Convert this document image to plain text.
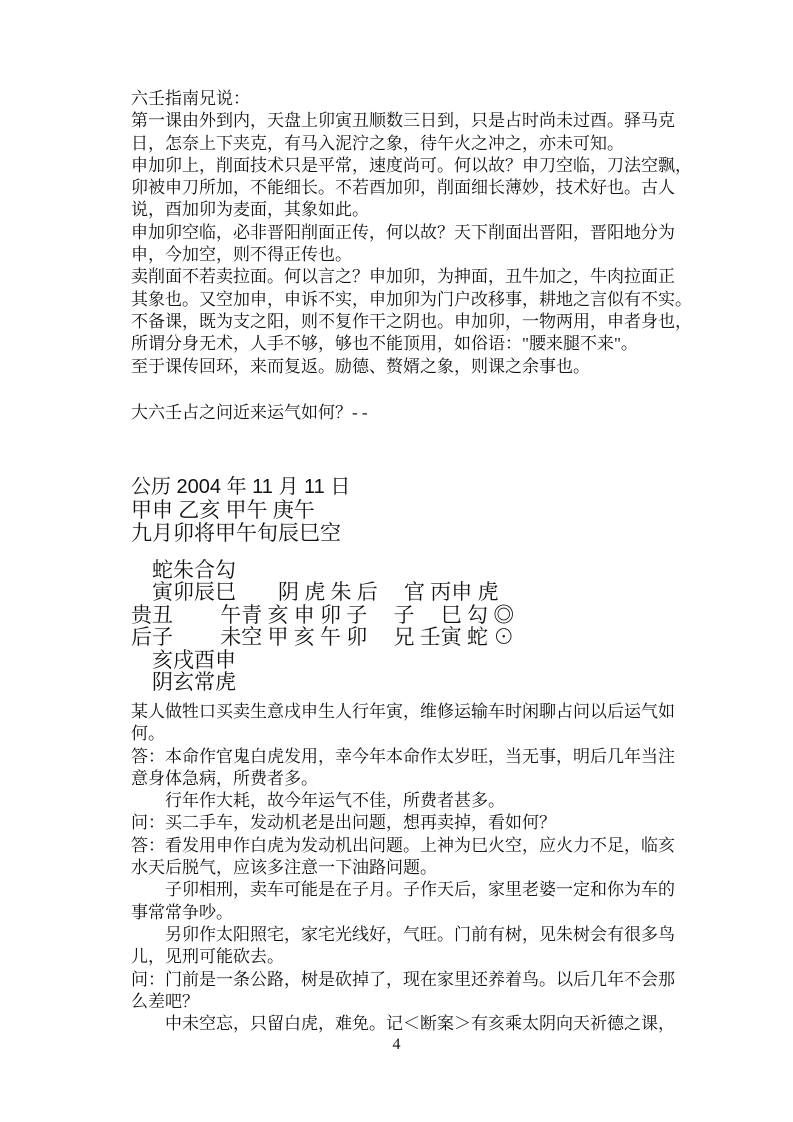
六壬指南兄说：
第一课由外到内，天盘上卯寅丑顺数三日到，只是占时尚未过酉。驿马克
日，怎奈上下夹克，有马入泥泞之象，待午火之冲之，亦未可知。
申加卯上，削面技术只是平常，速度尚可。何以故？申刀空临，刀法空飘，
卯被申刀所加，不能细长。不若酉加卯，削面细长薄妙，技术好也。古人
说，酉加卯为麦面，其象如此。
申加卯空临，必非晋阳削面正传，何以故？天下削面出晋阳，晋阳地分为
申，今加空，则不得正传也。
卖削面不若卖拉面。何以言之？申加卯，为抻面，丑牛加之，牛肉拉面正
其象也。又空加申，申诉不实，申加卯为门户改移事，耕地之言似有不实。
不备课，既为支之阳，则不复作干之阴也。申加卯，一物两用，申者身也，
所谓分身无术，人手不够，够也不能顶用，如俗语："腰来腿不来"。
至于课传回环，来而复返。励德、赘婿之象，则课之余事也。
大六壬占之问近来运气如何？- -
公历 2004 年 11 月 11 日
甲申 乙亥 甲午 庚午
九月卯将甲午旬辰巳空
　蛇朱合勾
　寅卯辰巳　　阴 虎 朱 后　 官 丙申 虎
贵丑　　 午青 亥 申 卯 子　 子 　巳 勾 ◎
后子　　 未空 甲 亥 午 卯　 兄 壬寅 蛇 ⊙
　亥戌酉申
　阴玄常虎
某人做牲口买卖生意戌申生人行年寅，维修运输车时闲聊占问以后运气如
何。
答：本命作官鬼白虎发用，幸今年本命作太岁旺，当无事，明后几年当注
意身体急病，所费者多。
　　行年作大耗，故今年运气不佳，所费者甚多。
问：买二手车，发动机老是出问题，想再卖掉，看如何？
答：看发用申作白虎为发动机出问题。上神为巳火空，应火力不足，临亥
水天后脱气，应该多注意一下油路问题。
　　子卯相刑，卖车可能是在子月。子作天后，家里老婆一定和你为车的
事常常争吵。
　　另卯作太阳照宅，家宅光线好，气旺。门前有树，见朱树会有很多鸟
儿，见刑可能砍去。
问：门前是一条公路，树是砍掉了，现在家里还养着鸟。以后几年不会那
么差吧？
　　中未空忘，只留白虎，难免。记＜断案＞有亥乘太阴向天祈德之课，
4
